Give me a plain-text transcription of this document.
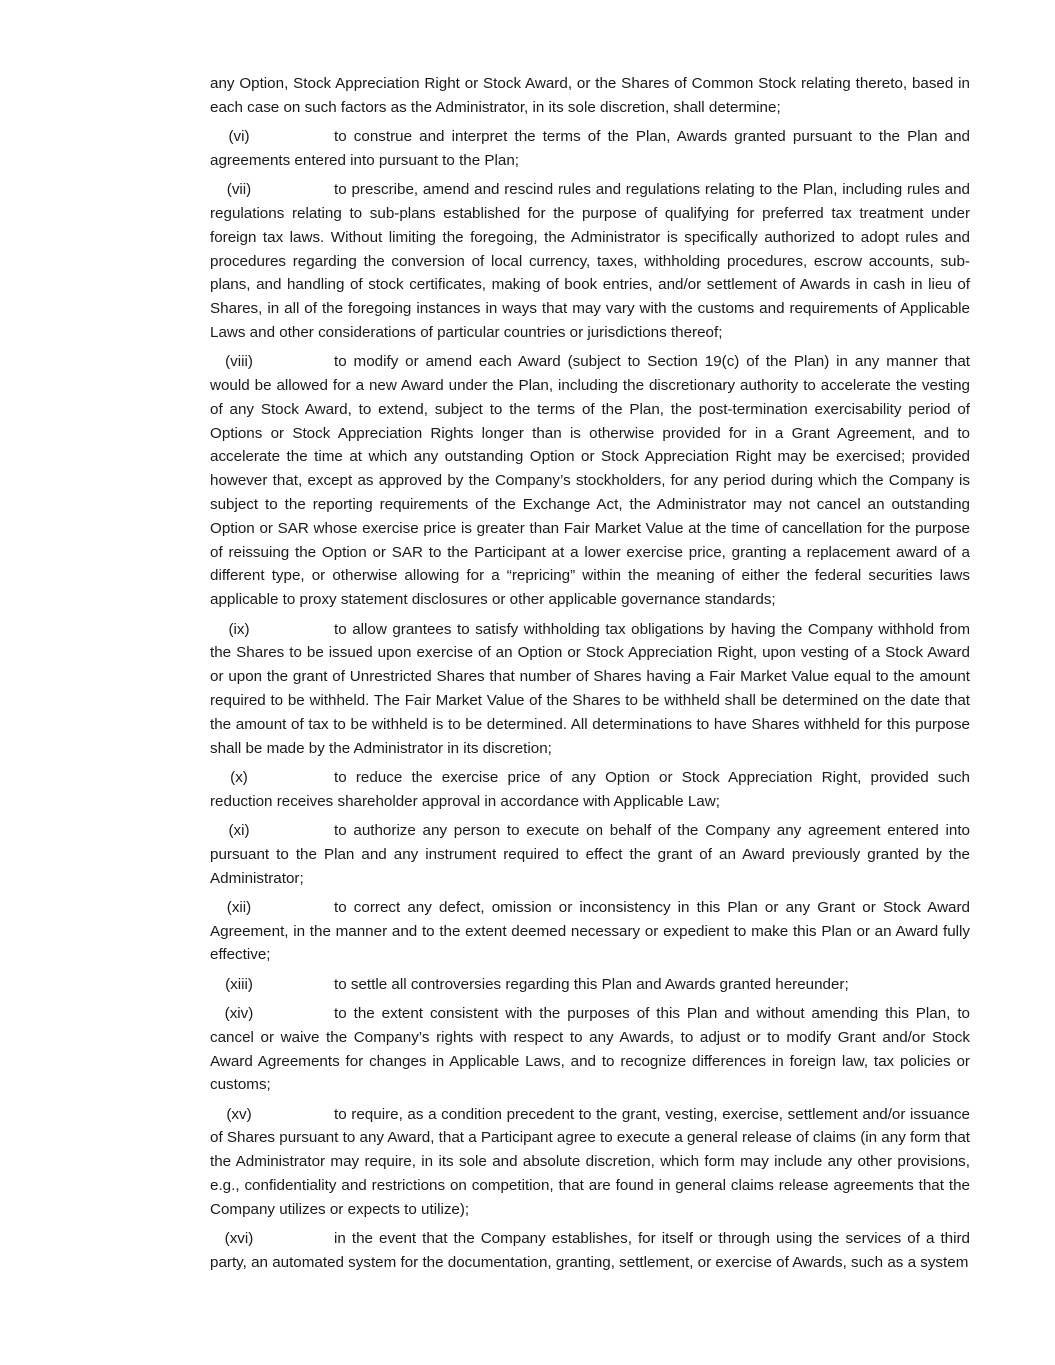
any Option, Stock Appreciation Right or Stock Award, or the Shares of Common Stock relating thereto, based in each case on such factors as the Administrator, in its sole discretion, shall determine;

(vi)	to construe and interpret the terms of the Plan, Awards granted pursuant to the Plan and agreements entered into pursuant to the Plan;

(vii)	to prescribe, amend and rescind rules and regulations relating to the Plan, including rules and regulations relating to sub-plans established for the purpose of qualifying for preferred tax treatment under foreign tax laws. Without limiting the foregoing, the Administrator is specifically authorized to adopt rules and procedures regarding the conversion of local currency, taxes, withholding procedures, escrow accounts, sub-plans, and handling of stock certificates, making of book entries, and/or settlement of Awards in cash in lieu of Shares, in all of the foregoing instances in ways that may vary with the customs and requirements of Applicable Laws and other considerations of particular countries or jurisdictions thereof;

(viii)	to modify or amend each Award (subject to Section 19(c) of the Plan) in any manner that would be allowed for a new Award under the Plan, including the discretionary authority to accelerate the vesting of any Stock Award, to extend, subject to the terms of the Plan, the post-termination exercisability period of Options or Stock Appreciation Rights longer than is otherwise provided for in a Grant Agreement, and to accelerate the time at which any outstanding Option or Stock Appreciation Right may be exercised; provided however that, except as approved by the Company’s stockholders, for any period during which the Company is subject to the reporting requirements of the Exchange Act, the Administrator may not cancel an outstanding Option or SAR whose exercise price is greater than Fair Market Value at the time of cancellation for the purpose of reissuing the Option or SAR to the Participant at a lower exercise price, granting a replacement award of a different type, or otherwise allowing for a “repricing” within the meaning of either the federal securities laws applicable to proxy statement disclosures or other applicable governance standards;

(ix)	to allow grantees to satisfy withholding tax obligations by having the Company withhold from the Shares to be issued upon exercise of an Option or Stock Appreciation Right, upon vesting of a Stock Award or upon the grant of Unrestricted Shares that number of Shares having a Fair Market Value equal to the amount required to be withheld. The Fair Market Value of the Shares to be withheld shall be determined on the date that the amount of tax to be withheld is to be determined. All determinations to have Shares withheld for this purpose shall be made by the Administrator in its discretion;

(x)	to reduce the exercise price of any Option or Stock Appreciation Right, provided such reduction receives shareholder approval in accordance with Applicable Law;

(xi)	to authorize any person to execute on behalf of the Company any agreement entered into pursuant to the Plan and any instrument required to effect the grant of an Award previously granted by the Administrator;

(xii)	to correct any defect, omission or inconsistency in this Plan or any Grant or Stock Award Agreement, in the manner and to the extent deemed necessary or expedient to make this Plan or an Award fully effective;

(xiii)	to settle all controversies regarding this Plan and Awards granted hereunder;

(xiv)	to the extent consistent with the purposes of this Plan and without amending this Plan, to cancel or waive the Company’s rights with respect to any Awards, to adjust or to modify Grant and/or Stock Award Agreements for changes in Applicable Laws, and to recognize differences in foreign law, tax policies or customs;

(xv)	to require, as a condition precedent to the grant, vesting, exercise, settlement and/or issuance of Shares pursuant to any Award, that a Participant agree to execute a general release of claims (in any form that the Administrator may require, in its sole and absolute discretion, which form may include any other provisions, e.g., confidentiality and restrictions on competition, that are found in general claims release agreements that the Company utilizes or expects to utilize);

(xvi)	in the event that the Company establishes, for itself or through using the services of a third party, an automated system for the documentation, granting, settlement, or exercise of Awards, such as a system
